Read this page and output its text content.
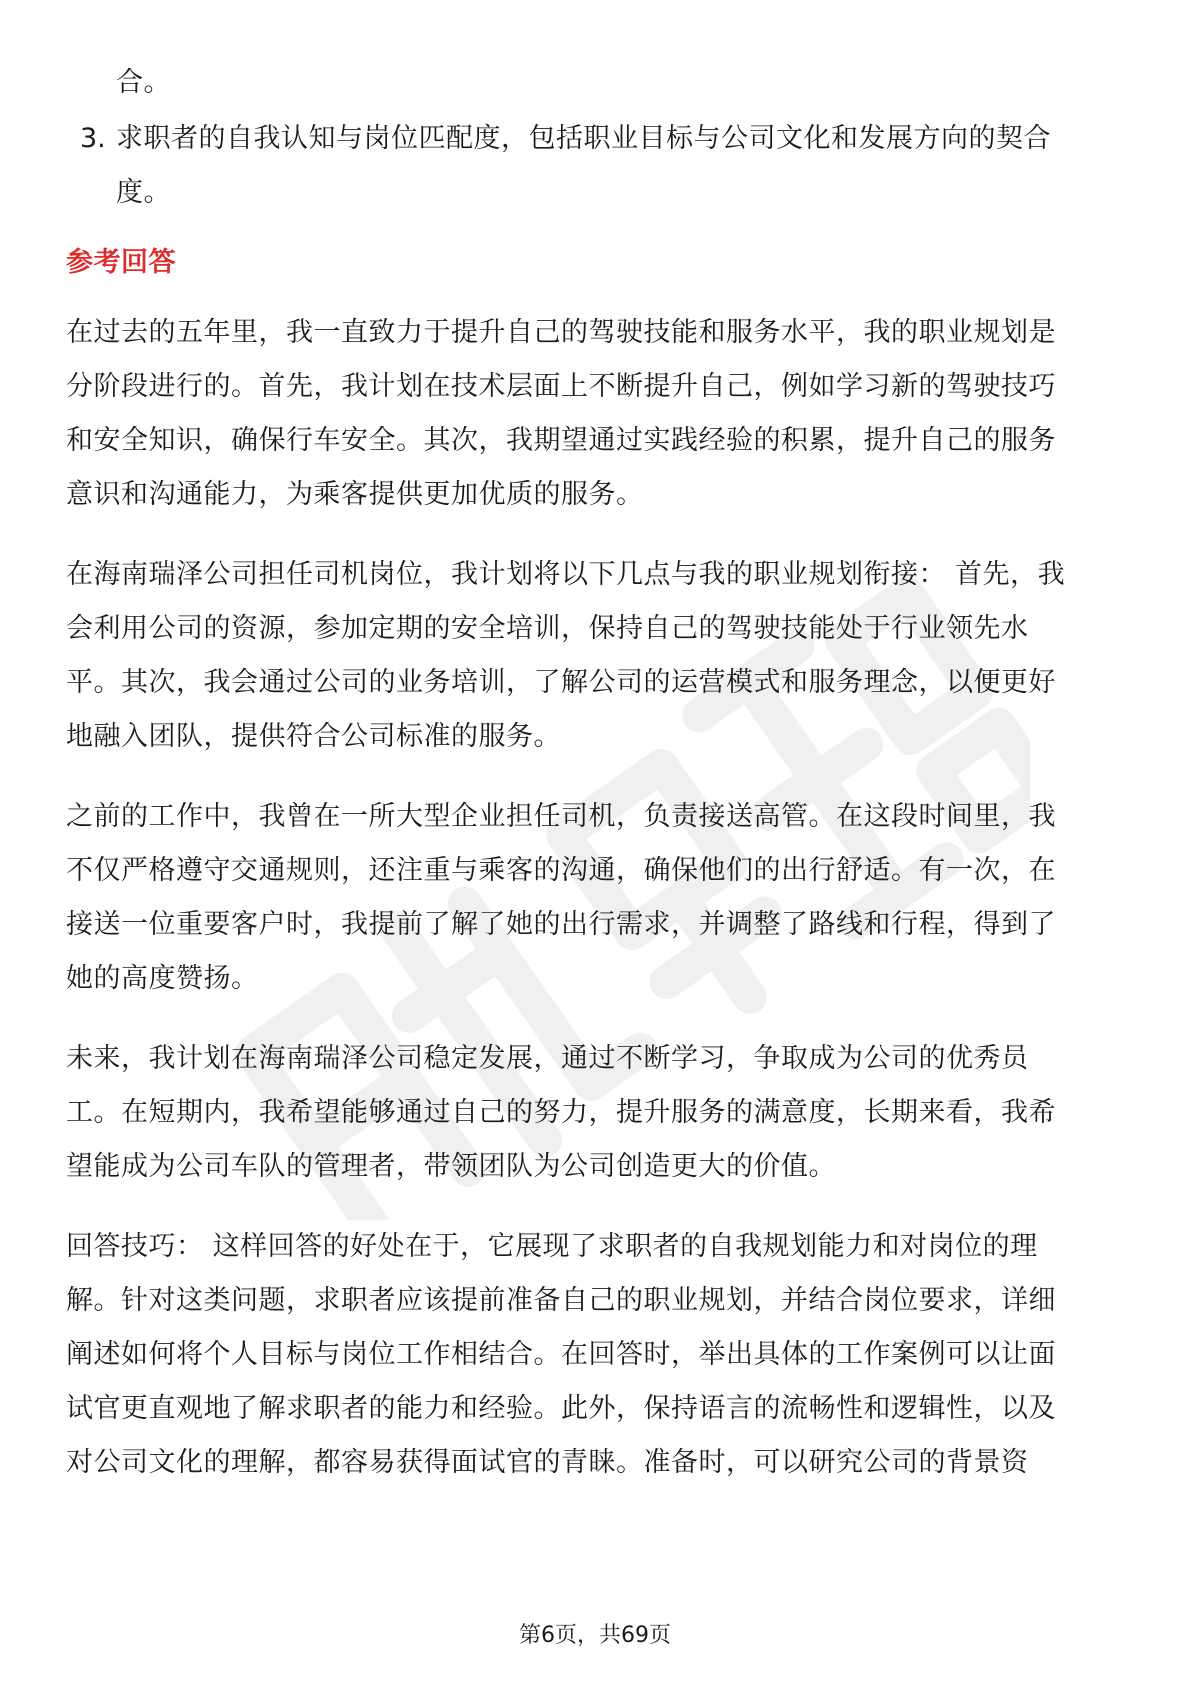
合。
3. 求职者的自我认知与岗位匹配度，包括职业目标与公司文化和发展方向的契合
度。
参考回答
在过去的五年里，我一直致力于提升自己的驾驶技能和服务水平，我的职业规划是
分阶段进行的。首先，我计划在技术层面上不断提升自己，例如学习新的驾驶技巧
和安全知识，确保行车安全。其次，我期望通过实践经验的积累，提升自己的服务
意识和沟通能力，为乘客提供更加优质的服务。
在海南瑞泽公司担任司机岗位，我计划将以下几点与我的职业规划衔接： 首先，我
会利用公司的资源，参加定期的安全培训，保持自己的驾驶技能处于行业领先水
平。其次，我会通过公司的业务培训，了解公司的运营模式和服务理念，以便更好
地融入团队，提供符合公司标准的服务。
之前的工作中，我曾在一所大型企业担任司机，负责接送高管。在这段时间里，我
不仅严格遵守交通规则，还注重与乘客的沟通，确保他们的出行舒适。有一次，在
接送一位重要客户时，我提前了解了她的出行需求，并调整了路线和行程，得到了
她的高度赞扬。
未来，我计划在海南瑞泽公司稳定发展，通过不断学习，争取成为公司的优秀员
工。在短期内，我希望能够通过自己的努力，提升服务的满意度，长期来看，我希
望能成为公司车队的管理者，带领团队为公司创造更大的价值。
回答技巧： 这样回答的好处在于，它展现了求职者的自我规划能力和对岗位的理
解。针对这类问题，求职者应该提前准备自己的职业规划，并结合岗位要求，详细
阐述如何将个人目标与岗位工作相结合。在回答时，举出具体的工作案例可以让面
试官更直观地了解求职者的能力和经验。此外，保持语言的流畅性和逻辑性，以及
对公司文化的理解，都容易获得面试官的青睐。准备时，可以研究公司的背景资
第6页，共69页
